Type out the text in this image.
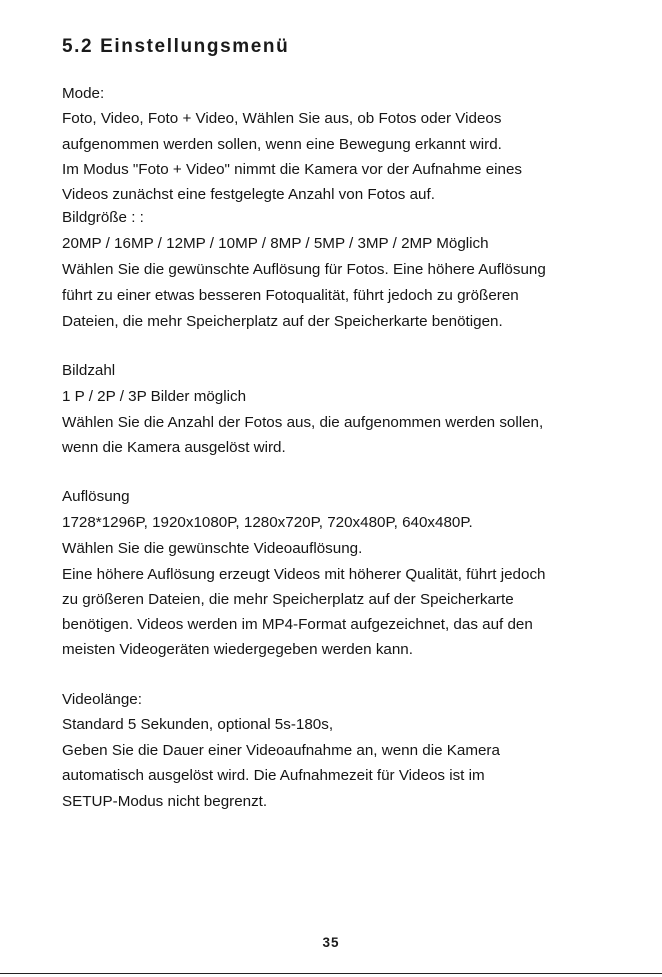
5.2 Einstellungsmenü
Mode:
Foto, Video, Foto + Video, Wählen Sie aus, ob Fotos oder Videos
aufgenommen werden sollen, wenn eine Bewegung erkannt wird.
Im Modus "Foto + Video" nimmt die Kamera vor der Aufnahme eines
Videos zunächst eine festgelegte Anzahl von Fotos auf.
Bildgröße : :
20MP / 16MP / 12MP / 10MP / 8MP / 5MP / 3MP / 2MP Möglich
Wählen Sie die gewünschte Auflösung für Fotos. Eine höhere Auflösung
führt zu einer etwas besseren Fotoqualität, führt jedoch zu größeren
Dateien, die mehr Speicherplatz auf der Speicherkarte benötigen.
Bildzahl
1 P / 2P / 3P Bilder möglich
Wählen Sie die Anzahl der Fotos aus, die aufgenommen werden sollen,
wenn die Kamera ausgelöst wird.
Auflösung
1728*1296P, 1920x1080P, 1280x720P, 720x480P, 640x480P.
Wählen Sie die gewünschte Videoauflösung.
Eine höhere Auflösung erzeugt Videos mit höherer Qualität, führt jedoch
zu größeren Dateien, die mehr Speicherplatz auf der Speicherkarte
benötigen. Videos werden im MP4-Format aufgezeichnet, das auf den
meisten Videogeräten wiedergegeben werden kann.
Videolänge:
Standard 5 Sekunden, optional 5s-180s,
Geben Sie die Dauer einer Videoaufnahme an, wenn die Kamera
automatisch ausgelöst wird. Die Aufnahmezeit für Videos ist im
SETUP-Modus nicht begrenzt.
35
